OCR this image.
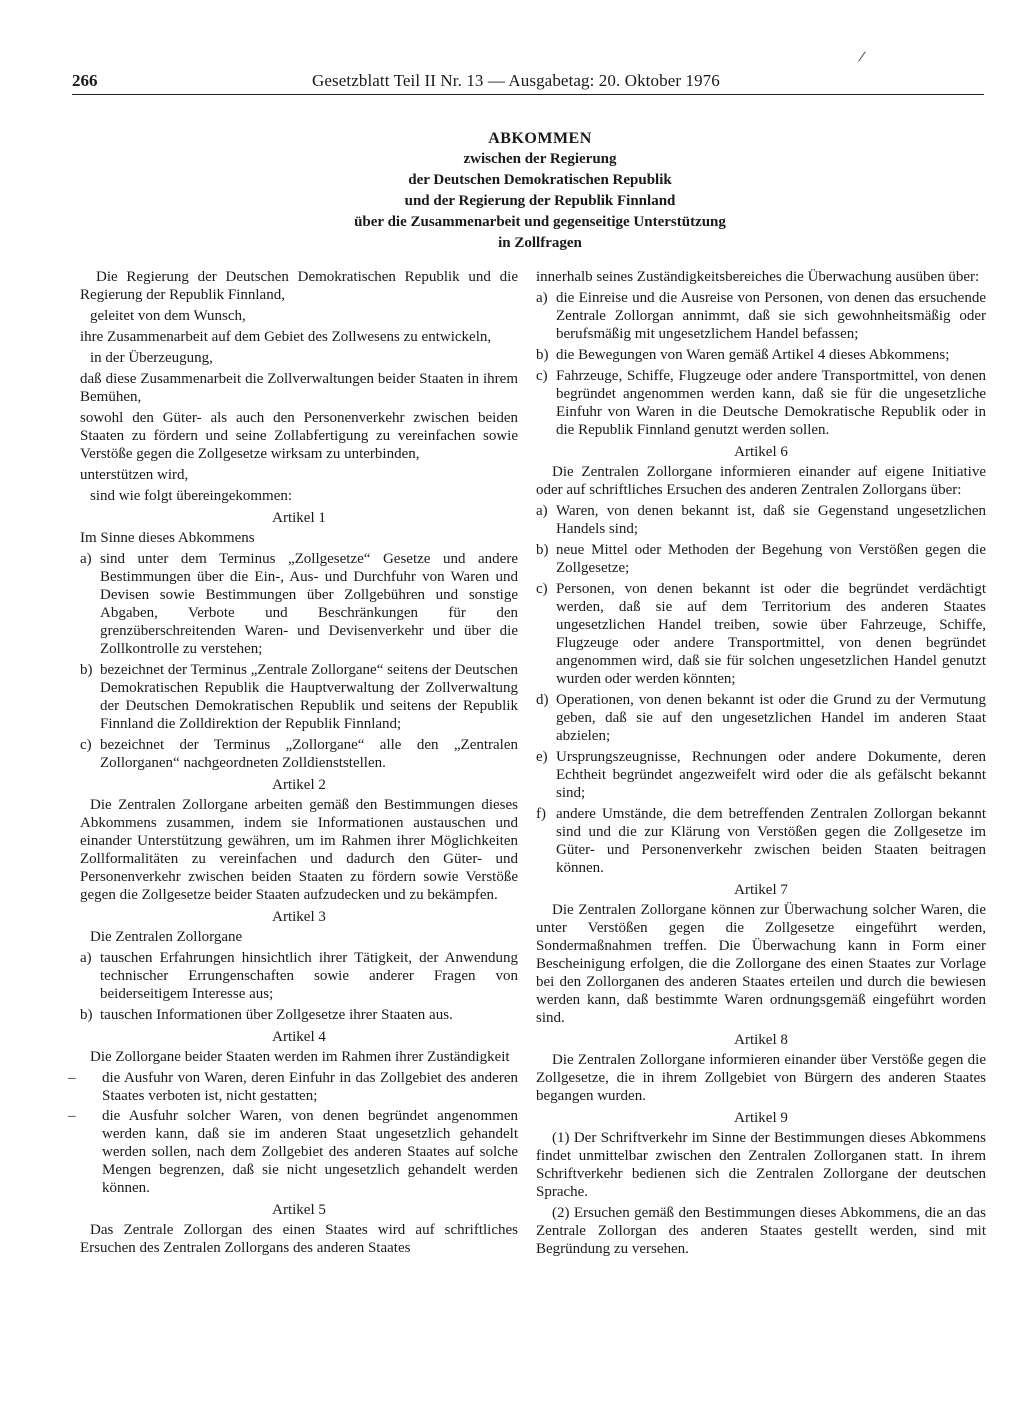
266	Gesetzblatt Teil II Nr. 13 — Ausgabetag: 20. Oktober 1976
ABKOMMEN
zwischen der Regierung
der Deutschen Demokratischen Republik
und der Regierung der Republik Finnland
über die Zusammenarbeit und gegenseitige Unterstützung
in Zollfragen

Die Regierung der Deutschen Demokratischen Republik und die Regierung der Republik Finnland,

geleitet von dem Wunsch,

ihre Zusammenarbeit auf dem Gebiet des Zollwesens zu entwickeln,

in der Überzeugung,

daß diese Zusammenarbeit die Zollverwaltungen beider Staaten in ihrem Bemühen,

sowohl den Güter- als auch den Personenverkehr zwischen beiden Staaten zu fördern und seine Zollabfertigung zu vereinfachen sowie Verstöße gegen die Zollgesetze wirksam zu unterbinden,

unterstützen wird,

sind wie folgt übereingekommen:

Artikel 1

Im Sinne dieses Abkommens

a) sind unter dem Terminus „Zollgesetze“ Gesetze und andere Bestimmungen über die Ein-, Aus- und Durchfuhr von Waren und Devisen sowie Bestimmungen über Zollgebühren und sonstige Abgaben, Verbote und Beschränkungen für den grenzüberschreitenden Waren- und Devisenverkehr und über die Zollkontrolle zu verstehen;
b) bezeichnet der Terminus „Zentrale Zollorgane“ seitens der Deutschen Demokratischen Republik die Hauptverwaltung der Zollverwaltung der Deutschen Demokratischen Republik und seitens der Republik Finnland die Zolldirektion der Republik Finnland;
c) bezeichnet der Terminus „Zollorgane“ alle den „Zentralen Zollorganen“ nachgeordneten Zolldienststellen.
Artikel 2

Die Zentralen Zollorgane arbeiten gemäß den Bestimmungen dieses Abkommens zusammen, indem sie Informationen austauschen und einander Unterstützung gewähren, um im Rahmen ihrer Möglichkeiten Zollformalitäten zu vereinfachen und dadurch den Güter- und Personenverkehr zwischen beiden Staaten zu fördern sowie Verstöße gegen die Zollgesetze beider Staaten aufzudecken und zu bekämpfen.

Artikel 3

Die Zentralen Zollorgane

a) tauschen Erfahrungen hinsichtlich ihrer Tätigkeit, der Anwendung technischer Errungenschaften sowie anderer Fragen von beiderseitigem Interesse aus;
b) tauschen Informationen über Zollgesetze ihrer Staaten aus.
Artikel 4

Die Zollorgane beider Staaten werden im Rahmen ihrer Zuständigkeit

–	die Ausfuhr von Waren, deren Einfuhr in das Zollgebiet des anderen Staates verboten ist, nicht gestatten;
–	die Ausfuhr solcher Waren, von denen begründet angenommen werden kann, daß sie im anderen Staat ungesetzlich gehandelt werden sollen, nach dem Zollgebiet des anderen Staates auf solche Mengen begrenzen, daß sie nicht ungesetzlich gehandelt werden können.
Artikel 5

Das Zentrale Zollorgan des einen Staates wird auf schriftliches Ersuchen des Zentralen Zollorgans des anderen Staates

innerhalb seines Zuständigkeitsbereiches die Überwachung ausüben über:

a) die Einreise und die Ausreise von Personen, von denen das ersuchende Zentrale Zollorgan annimmt, daß sie sich gewohnheitsmäßig oder berufsmäßig mit ungesetzlichem Handel befassen;
b) die Bewegungen von Waren gemäß Artikel 4 dieses Abkommens;
c) Fahrzeuge, Schiffe, Flugzeuge oder andere Transportmittel, von denen begründet angenommen werden kann, daß sie für die ungesetzliche Einfuhr von Waren in die Deutsche Demokratische Republik oder in die Republik Finnland genutzt werden sollen.
Artikel 6

Die Zentralen Zollorgane informieren einander auf eigene Initiative oder auf schriftliches Ersuchen des anderen Zentralen Zollorgans über:

a) Waren, von denen bekannt ist, daß sie Gegenstand ungesetzlichen Handels sind;
b) neue Mittel oder Methoden der Begehung von Verstößen gegen die Zollgesetze;
c) Personen, von denen bekannt ist oder die begründet verdächtigt werden, daß sie auf dem Territorium des anderen Staates ungesetzlichen Handel treiben, sowie über Fahrzeuge, Schiffe, Flugzeuge oder andere Transportmittel, von denen begründet angenommen wird, daß sie für solchen ungesetzlichen Handel genutzt wurden oder werden könnten;
d) Operationen, von denen bekannt ist oder die Grund zu der Vermutung geben, daß sie auf den ungesetzlichen Handel im anderen Staat abzielen;
e) Ursprungszeugnisse, Rechnungen oder andere Dokumente, deren Echtheit begründet angezweifelt wird oder die als gefälscht bekannt sind;
f) andere Umstände, die dem betreffenden Zentralen Zollorgan bekannt sind und die zur Klärung von Verstößen gegen die Zollgesetze im Güter- und Personenverkehr zwischen beiden Staaten beitragen können.
Artikel 7

Die Zentralen Zollorgane können zur Überwachung solcher Waren, die unter Verstößen gegen die Zollgesetze eingeführt werden, Sondermaßnahmen treffen. Die Überwachung kann in Form einer Bescheinigung erfolgen, die die Zollorgane des einen Staates zur Vorlage bei den Zollorganen des anderen Staates erteilen und durch die bewiesen werden kann, daß bestimmte Waren ordnungsgemäß eingeführt worden sind.

Artikel 8

Die Zentralen Zollorgane informieren einander über Verstöße gegen die Zollgesetze, die in ihrem Zollgebiet von Bürgern des anderen Staates begangen wurden.

Artikel 9

(1) Der Schriftverkehr im Sinne der Bestimmungen dieses Abkommens findet unmittelbar zwischen den Zentralen Zollorganen statt. In ihrem Schriftverkehr bedienen sich die Zentralen Zollorgane der deutschen Sprache.

(2) Ersuchen gemäß den Bestimmungen dieses Abkommens, die an das Zentrale Zollorgan des anderen Staates gestellt werden, sind mit Begründung zu versehen.
